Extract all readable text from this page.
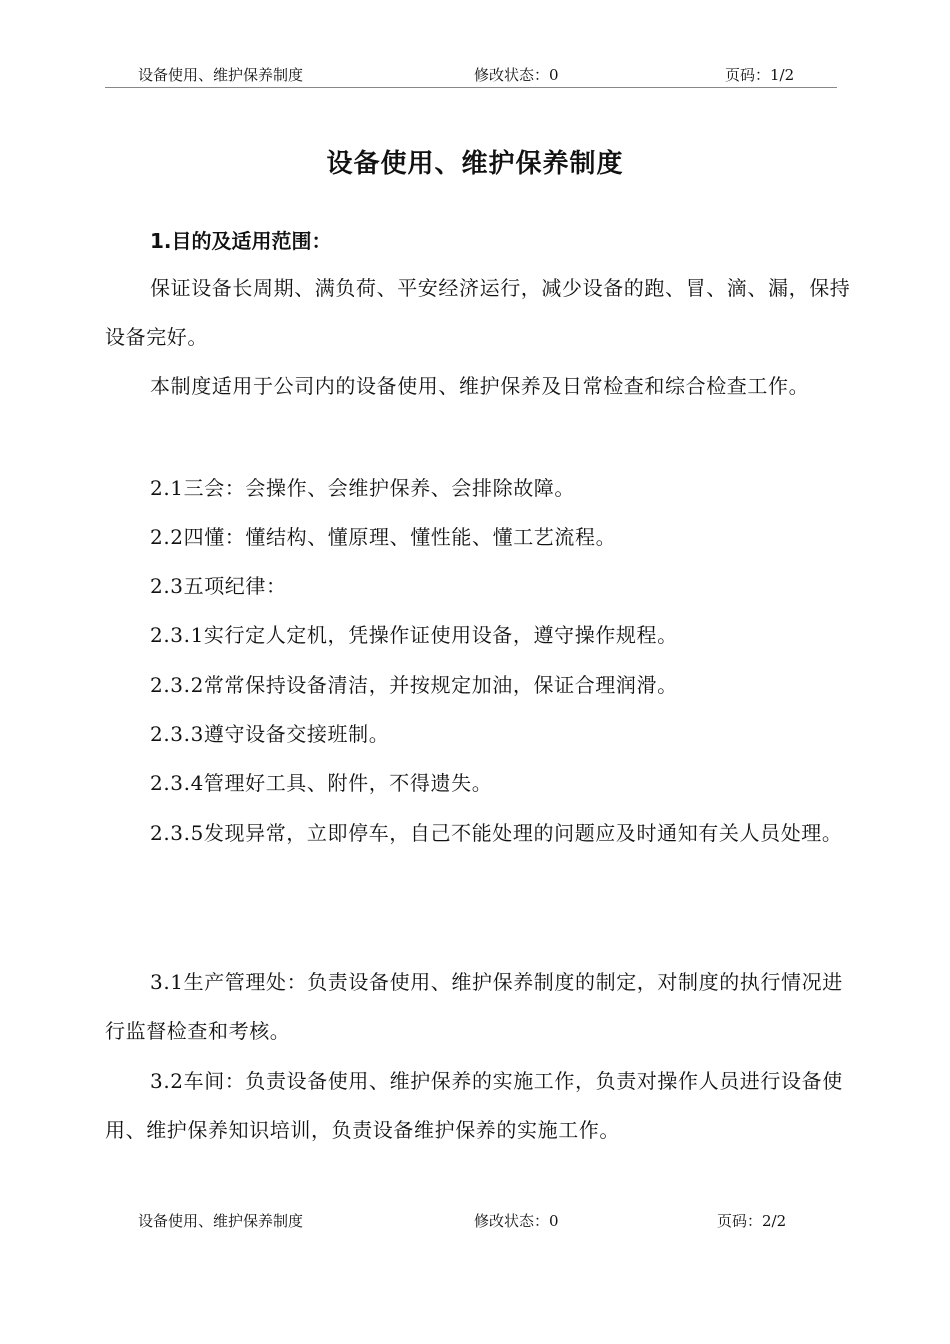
设备使用、维护保养制度	修改状态：0	页码：1/2
设备使用、维护保养制度
1.目的及适用范围：

保证设备长周期、满负荷、平安经济运行，减少设备的跑、冒、滴、漏，保持设备完好。

本制度适用于公司内的设备使用、维护保养及日常检查和综合检查工作。

2.1三会：会操作、会维护保养、会排除故障。

2.2四懂：懂结构、懂原理、懂性能、懂工艺流程。

2.3五项纪律：

2.3.1实行定人定机，凭操作证使用设备，遵守操作规程。

2.3.2常常保持设备清洁，并按规定加油，保证合理润滑。

2.3.3遵守设备交接班制。

2.3.4管理好工具、附件，不得遗失。

2.3.5发现异常，立即停车，自己不能处理的问题应及时通知有关人员处理。

3.1生产管理处：负责设备使用、维护保养制度的制定，对制度的执行情况进行监督检查和考核。

3.2车间：负责设备使用、维护保养的实施工作，负责对操作人员进行设备使用、维护保养知识培训，负责设备维护保养的实施工作。

设备使用、维护保养制度	修改状态：0	页码：2/2
